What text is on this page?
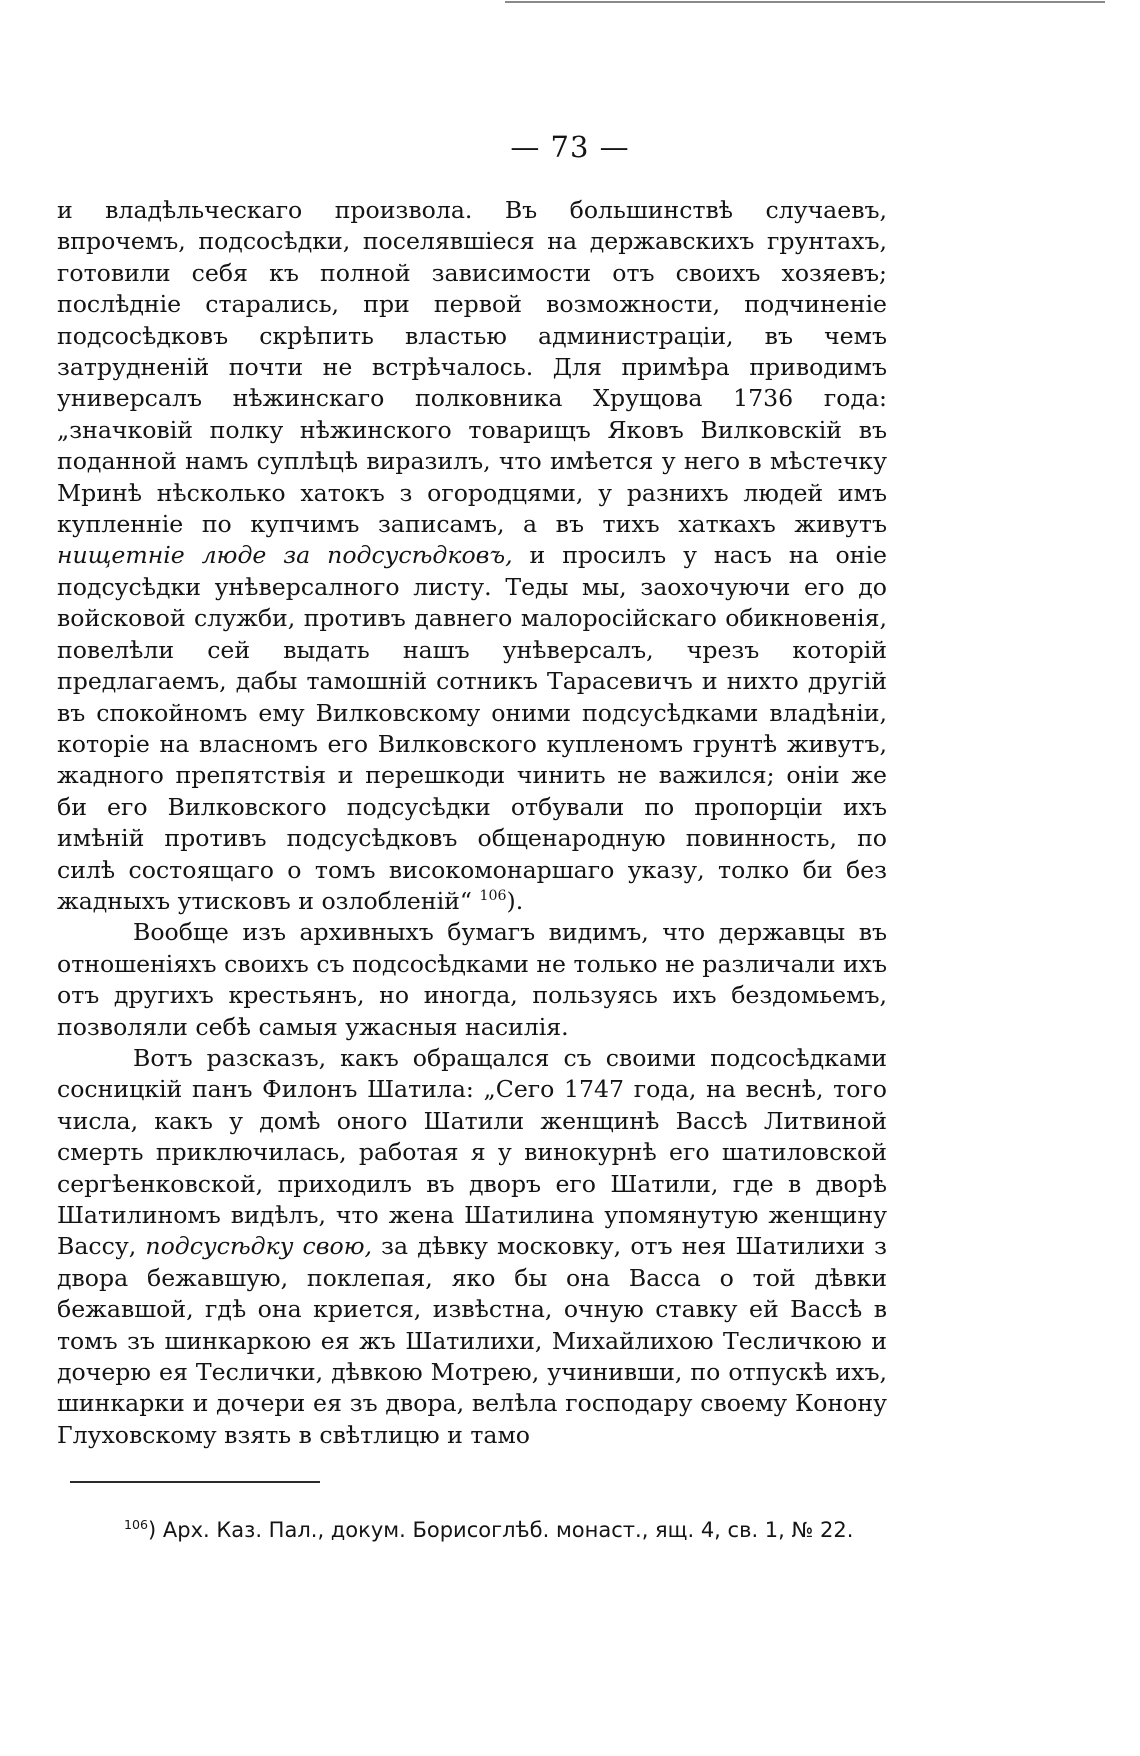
— 73 —

и владѣльческаго произвола. Въ большинствѣ случаевъ, впрочемъ, подсосѣдки, поселявшіеся на державскихъ грунтахъ, готовили себя къ полной зависимости отъ своихъ хозяевъ; послѣдніе старались, при первой возможности, подчиненіе подсосѣдковъ скрѣпить властью администраціи, въ чемъ затрудненій почти не встрѣчалось. Для примѣра приводимъ универсалъ нѣжинскаго полковника Хрущова 1736 года: „значковій полку нѣжинского товарищъ Яковъ Вилковскій въ поданной намъ суплѣцѣ виразилъ, что имѣется у него в мѣстечку Мринѣ нѣсколько хатокъ з огородцями, у разнихъ людей имъ купленніе по купчимъ записамъ, а въ тихъ хаткахъ живутъ нищетніе люде за подсусѣдковъ, и просилъ у насъ на оніе подсусѣдки унѣверсалного листу. Теды мы, заохочуючи его до войсковой служби, противъ давнего малоросійскаго обикновенія, повелѣли сей выдать нашъ унѣверсалъ, чрезъ которій предлагаемъ, дабы тамошній сотникъ Тарасевичъ и нихто другій въ спокойномъ ему Вилковскому оними подсусѣдками владѣніи, которіе на власномъ его Вилковского купленомъ грунтѣ живутъ, жадного препятствія и перешкоди чинить не важился; оніи же би его Вилковского подсусѣдки отбували по пропорціи ихъ имѣній противъ подсусѣдковъ общенародную повинность, по силѣ состоящаго о томъ високомонаршаго указу, толко би без жадныхъ утисковъ и озлобленій“ $^{106}$).

Вообще изъ архивныхъ бумагъ видимъ, что державцы въ отношеніяхъ своихъ съ подсосѣдками не только не различали ихъ отъ другихъ крестьянъ, но иногда, пользуясь ихъ бездомьемъ, позволяли себѣ самыя ужасныя насилія.

Вотъ разсказъ, какъ обращался съ своими подсосѣдками сосницкій панъ Филонъ Шатила: „Сего 1747 года, на веснѣ, того числа, какъ у домѣ оного Шатили женщинѣ Вассѣ Литвиной смерть приключилась, работая я у винокурнѣ его шатиловской сергѣенковской, приходилъ въ дворъ его Шатили, где в дворѣ Шатилиномъ видѣлъ, что жена Шатилина упомянутую женщину Вассу, подсусѣдку свою, за дѣвку московку, отъ нея Шатилихи з двора бежавшую, поклепая, яко бы она Васса о той дѣвки бежавшой, гдѣ она криется, извѣстна, очную ставку ей Вассѣ в томъ зъ шинкаркою ея жъ Шатилихи, Михайлихою Тесличкою и дочерю ея Теслички, дѣвкою Мотрею, учинивши, по отпускѣ ихъ, шинкарки и дочери ея зъ двора, велѣла господару своему Конону Глуховскому взять в свѣтлицю и тамо

$^{106}$) Арх. Каз. Пал., докум. Борисоглѣб. монаст., ящ. 4, св. 1, № 22.
